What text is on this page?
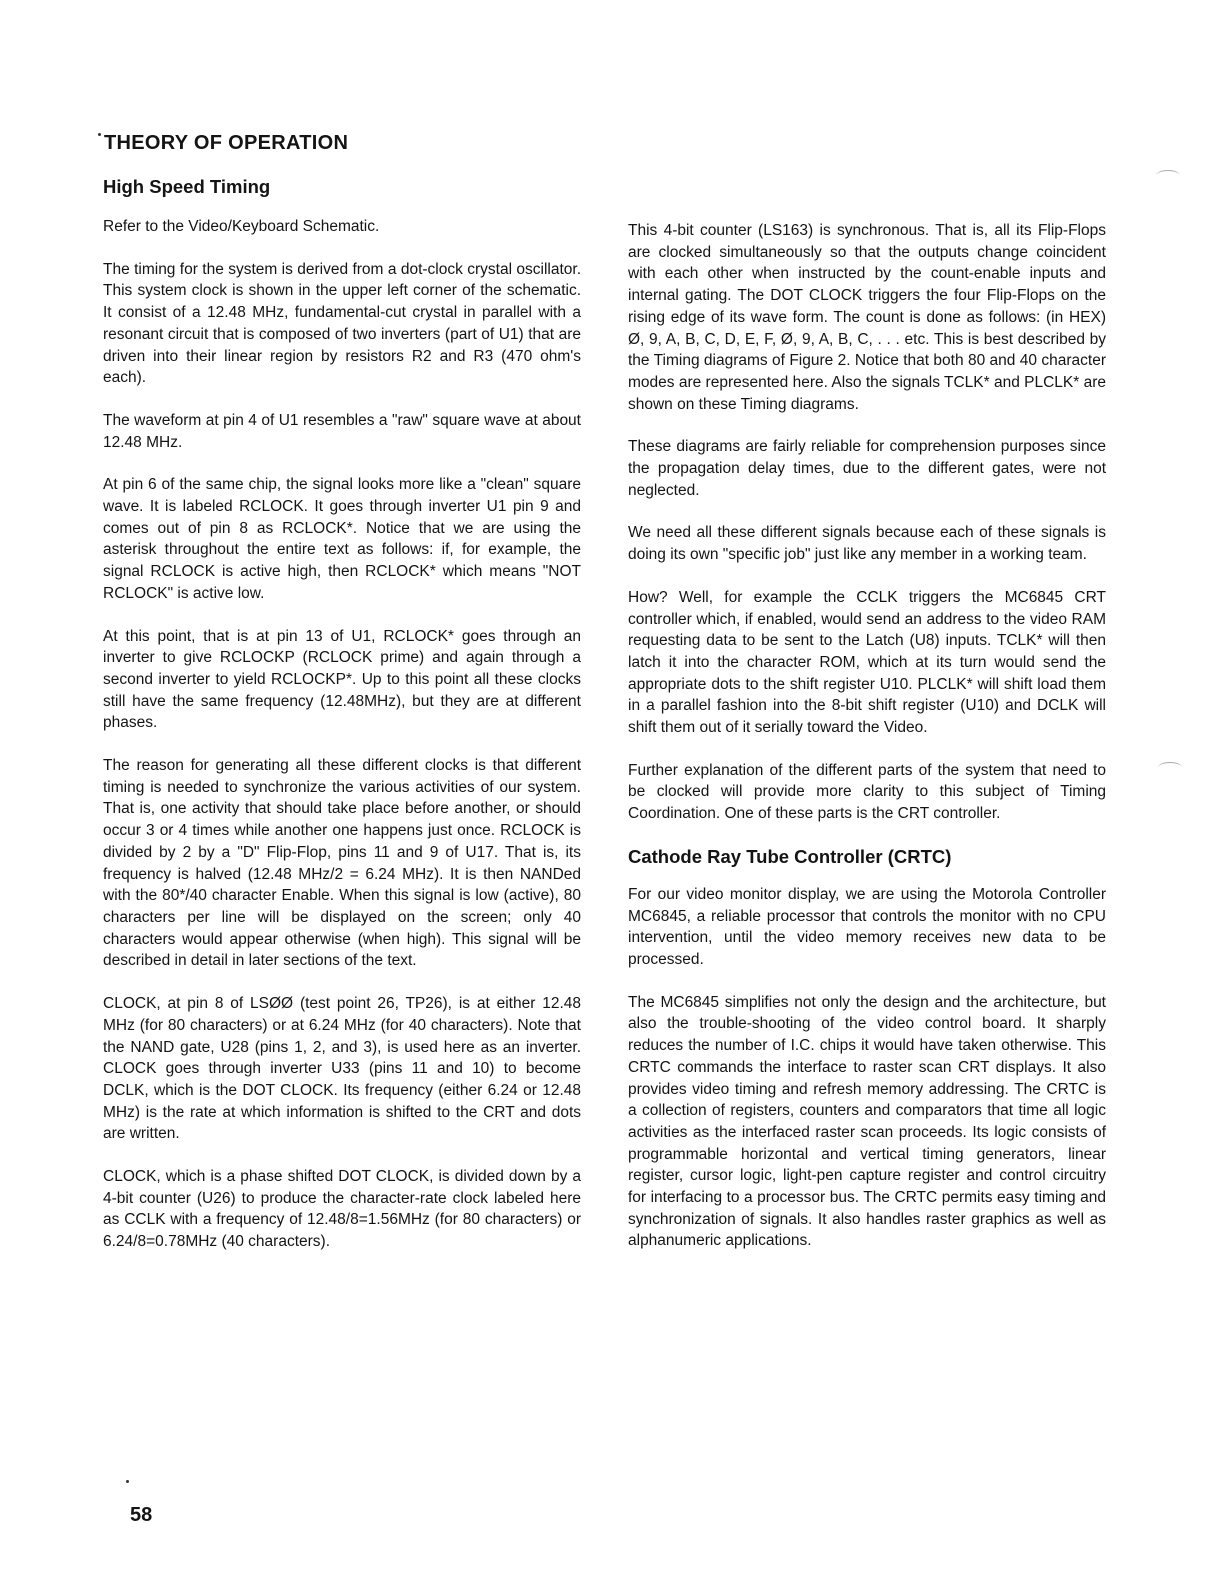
THEORY OF OPERATION
High Speed Timing

Refer to the Video/Keyboard Schematic.

The timing for the system is derived from a dot-clock crystal oscillator. This system clock is shown in the upper left corner of the schematic. It consist of a 12.48 MHz, fundamental-cut crystal in parallel with a resonant circuit that is composed of two inverters (part of U1) that are driven into their linear region by resistors R2 and R3 (470 ohm's each).

The waveform at pin 4 of U1 resembles a "raw" square wave at about 12.48 MHz.

At pin 6 of the same chip, the signal looks more like a "clean" square wave. It is labeled RCLOCK. It goes through inverter U1 pin 9 and comes out of pin 8 as RCLOCK*. Notice that we are using the asterisk throughout the entire text as follows: if, for example, the signal RCLOCK is active high, then RCLOCK* which means "NOT RCLOCK" is active low.

At this point, that is at pin 13 of U1, RCLOCK* goes through an inverter to give RCLOCKP (RCLOCK prime) and again through a second inverter to yield RCLOCKP*. Up to this point all these clocks still have the same frequency (12.48MHz), but they are at different phases.

The reason for generating all these different clocks is that different timing is needed to synchronize the various activities of our system. That is, one activity that should take place before another, or should occur 3 or 4 times while another one happens just once. RCLOCK is divided by 2 by a "D" Flip-Flop, pins 11 and 9 of U17. That is, its frequency is halved (12.48 MHz/2 = 6.24 MHz). It is then NANDed with the 80*/40 character Enable. When this signal is low (active), 80 characters per line will be displayed on the screen; only 40 characters would appear otherwise (when high). This signal will be described in detail in later sections of the text.

CLOCK, at pin 8 of LSØØ (test point 26, TP26), is at either 12.48 MHz (for 80 characters) or at 6.24 MHz (for 40 characters). Note that the NAND gate, U28 (pins 1, 2, and 3), is used here as an inverter. CLOCK goes through inverter U33 (pins 11 and 10) to become DCLK, which is the DOT CLOCK. Its frequency (either 6.24 or 12.48 MHz) is the rate at which information is shifted to the CRT and dots are written.

CLOCK, which is a phase shifted DOT CLOCK, is divided down by a 4-bit counter (U26) to produce the character-rate clock labeled here as CCLK with a frequency of 12.48/8=1.56MHz (for 80 characters) or 6.24/8=0.78MHz (40 characters).

This 4-bit counter (LS163) is synchronous. That is, all its Flip-Flops are clocked simultaneously so that the outputs change coincident with each other when instructed by the count-enable inputs and internal gating. The DOT CLOCK triggers the four Flip-Flops on the rising edge of its wave form. The count is done as follows: (in HEX) Ø, 9, A, B, C, D, E, F, Ø, 9, A, B, C, . . . etc. This is best described by the Timing diagrams of Figure 2. Notice that both 80 and 40 character modes are represented here. Also the signals TCLK* and PLCLK* are shown on these Timing diagrams.

These diagrams are fairly reliable for comprehension purposes since the propagation delay times, due to the different gates, were not neglected.

We need all these different signals because each of these signals is doing its own "specific job" just like any member in a working team.

How? Well, for example the CCLK triggers the MC6845 CRT controller which, if enabled, would send an address to the video RAM requesting data to be sent to the Latch (U8) inputs. TCLK* will then latch it into the character ROM, which at its turn would send the appropriate dots to the shift register U10. PLCLK* will shift load them in a parallel fashion into the 8-bit shift register (U10) and DCLK will shift them out of it serially toward the Video.

Further explanation of the different parts of the system that need to be clocked will provide more clarity to this subject of Timing Coordination. One of these parts is the CRT controller.

Cathode Ray Tube Controller (CRTC)

For our video monitor display, we are using the Motorola Controller MC6845, a reliable processor that controls the monitor with no CPU intervention, until the video memory receives new data to be processed.

The MC6845 simplifies not only the design and the architecture, but also the trouble-shooting of the video control board. It sharply reduces the number of I.C. chips it would have taken otherwise. This CRTC commands the interface to raster scan CRT displays. It also provides video timing and refresh memory addressing. The CRTC is a collection of registers, counters and comparators that time all logic activities as the interfaced raster scan proceeds. Its logic consists of programmable horizontal and vertical timing generators, linear register, cursor logic, light-pen capture register and control circuitry for interfacing to a processor bus. The CRTC permits easy timing and synchronization of signals. It also handles raster graphics as well as alphanumeric applications.

58
